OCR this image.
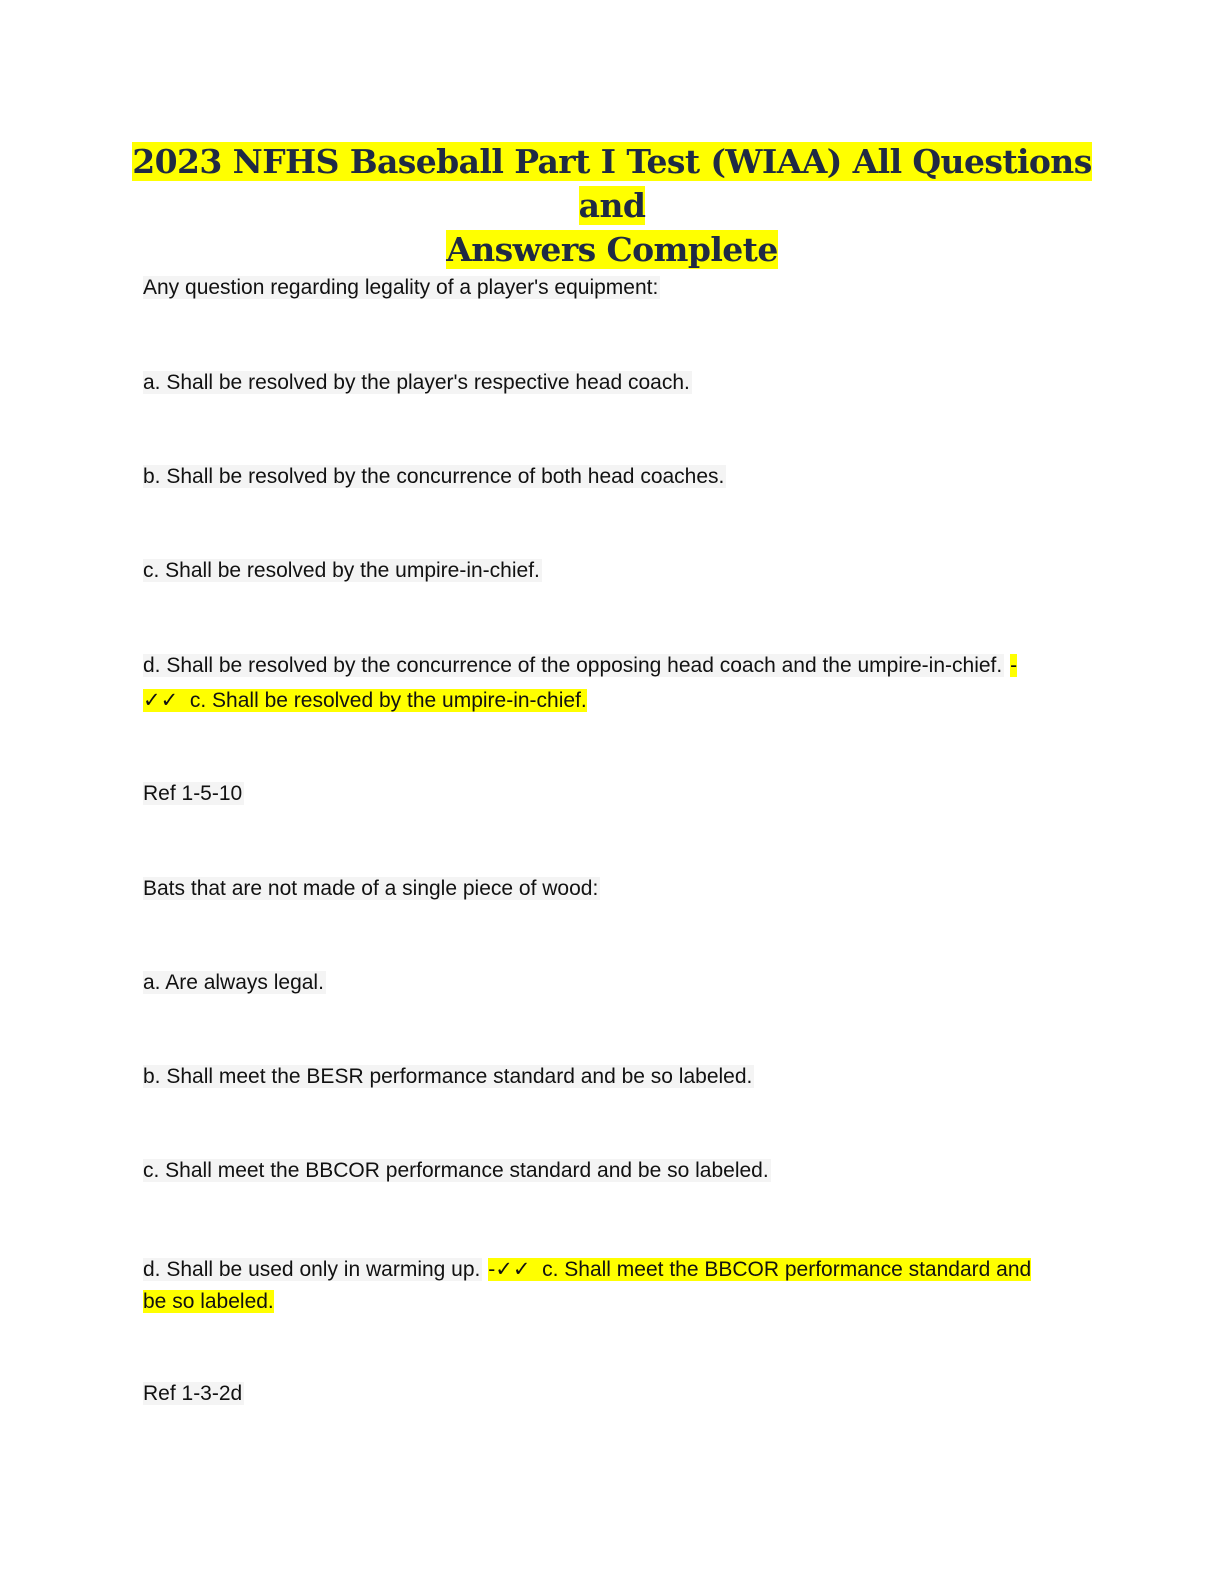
2023 NFHS Baseball Part I Test (WIAA) All Questions and
Answers Complete
Any question regarding legality of a player's equipment:
a. Shall be resolved by the player's respective head coach.
b. Shall be resolved by the concurrence of both head coaches.
c. Shall be resolved by the umpire-in-chief.
d. Shall be resolved by the concurrence of the opposing head coach and the umpire-in-chief. -
✓✓ c. Shall be resolved by the umpire-in-chief.
Ref 1-5-10
Bats that are not made of a single piece of wood:
a. Are always legal.
b. Shall meet the BESR performance standard and be so labeled.
c. Shall meet the BBCOR performance standard and be so labeled.
d. Shall be used only in warming up. -✓✓ c. Shall meet the BBCOR performance standard and
be so labeled.
Ref 1-3-2d
